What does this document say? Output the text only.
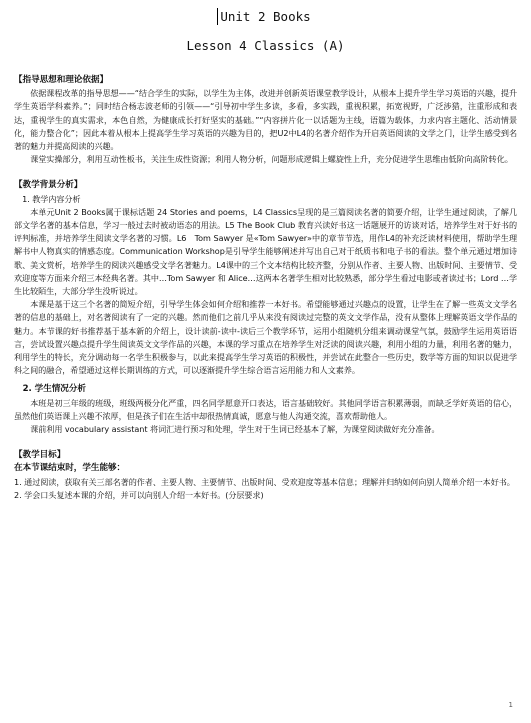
Unit 2 Books
Lesson 4 Classics (A)
【指导思想和理论依据】

依据课程改革的指导思想——“结合学生的实际，以学生为主体，改进并创新英语课堂教学设计，从根本上提升学生学习英语的兴趣，提升学生英语学科素养。”；同时结合杨志波老师的引领——“引导初中学生多读，多看，多实践，重视积累，拓宽视野，广泛涉猎，注重形成和表达，重视学生的真实需求，本色自然，为健康成长打好坚实的基础。”“内容拼片化一以话题为主线，语篇为载体，力求内容主题化、活动情景化，能力整合化”；因此本着从根本上提高学生学习英语的兴趣为目的，把U2中L4的名著介绍作为开启英语阅读的文学之门，让学生感受到名著的魅力并提高阅读的兴趣。

课堂实操部分，利用互动性板书，关注生成性资源；利用人物分析，问题形成逻辑上螺旋性上升，充分促进学生思维由低阶向高阶转化。

【教学背景分析】

1. 教学内容分析

本单元Unit 2 Books属于课标话题 24 Stories and poems，L4 Classics呈现的是三篇阅读名著的简要介绍，让学生通过阅读，了解几部文学名著的基本信息，学习一般过去时被动语态的用法。L5 The Book Club 教育兴读好书这一话题展开的访谈对话，培养学生对于好书的评判标准，并培养学生阅读文学名著的习惯。L6　Tom Sawyer 是«Tom Sawyer»中的章节节选，用作L4的补充泛读材料使用，帮助学生理解书中人物真实的情感态度。Communication Workshop是引导学生能够阐述并写出自己对于纸质书和电子书的看法。整个单元通过增加诗歌、美文赏析，培养学生的阅读兴趣感受文学名著魅力。L4课中的三个文本结构比较齐整，分别从作者、主要人物、出版时间、主要情节、受欢迎度等方面来介绍三本经典名著。其中…Tom Sawyer 和 Alice…这两本名著学生相对比较熟悉，部分学生看过电影或者读过书；Lord …学生比较陌生，大部分学生没听说过。

本课是基于这三个名著的简短介绍，引导学生体会如何介绍和推荐一本好书。希望能够通过兴趣点的设置，让学生在了解一些英文文学名著的信息的基础上，对名著阅读有了一定的兴趣。然而他们之前几乎从来没有阅读过完整的英文文学作品，没有从整体上理解英语文学作品的魅力。本节课的好书推荐基于基本新的介绍上，设计读前-读中-读后三个教学环节，运用小组随机分组来调动课堂气氛，鼓励学生运用英语语言，尝试设置兴趣点提升学生阅读英文文学作品的兴趣，本课的学习重点在培养学生对泛读的阅读兴趣，利用小组的力量，利用名著的魅力，利用学生的特长，充分调动每一名学生积极参与，以此来提高学生学习英语的积极性，并尝试在此整合一些历史，数学等方面的知识以促进学科之间的融合，希望通过这样长期训练的方式，可以逐渐提升学生综合语言运用能力和人文素养。

2. 学生情况分析

本班是初三年级的班级，班级两极分化严重，四名同学愿意开口表达，语言基础较好。其他同学语言积累薄弱，而缺乏学好英语的信心，虽然他们英语课上兴趣不浓厚，但是孩子们在生活中却很热情真诚，愿意与他人沟通交流，喜欢帮助他人。

课前利用 vocabulary assistant 将词汇进行预习和处理，学生对于生词已经基本了解，为课堂阅读做好充分准备。

【教学目标】
在本节课结束时，学生能够：

1. 通过阅读，获取有关三部名著的作者、主要人物、主要情节、出版时间、受欢迎度等基本信息；理解并归纳如何向别人简单介绍一本好书。

2. 学会口头复述本课的介绍，并可以向别人介绍一本好书。(分层要求)

1
